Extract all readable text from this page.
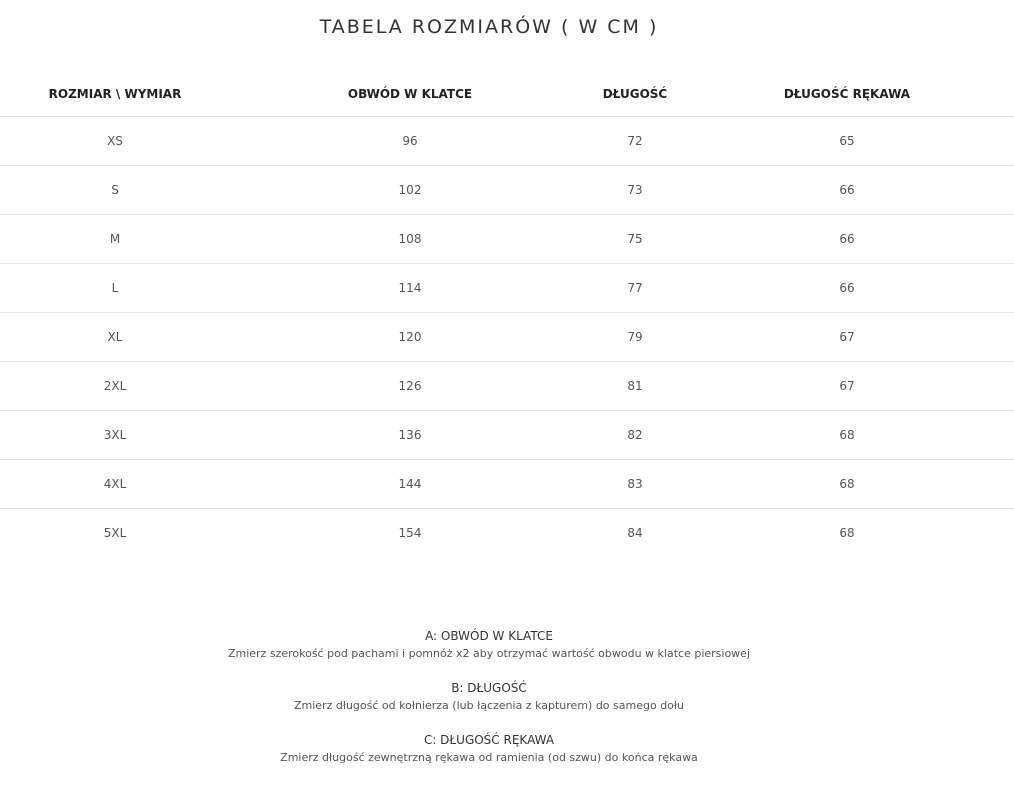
TABELA ROZMIARÓW ( W CM )
ROZMIAR \ WYMIAR	OBWÓD W KLATCE	DŁUGOŚĆ	DŁUGOŚĆ RĘKAWA
XS	96	72	65
S	102	73	66
M	108	75	66
L	114	77	66
XL	120	79	67
2XL	126	81	67
3XL	136	82	68
4XL	144	83	68
5XL	154	84	68
A: OBWÓD W KLATCE
Zmierz szerokość pod pachami i pomnóż x2 aby otrzymać wartość obwodu w klatce piersiowej
B: DŁUGOŚĆ
Zmierz długość od kołnierza (lub łączenia z kapturem) do samego dołu
C: DŁUGOŚĆ RĘKAWA
Zmierz długość zewnętrzną rękawa od ramienia (od szwu) do końca rękawa
